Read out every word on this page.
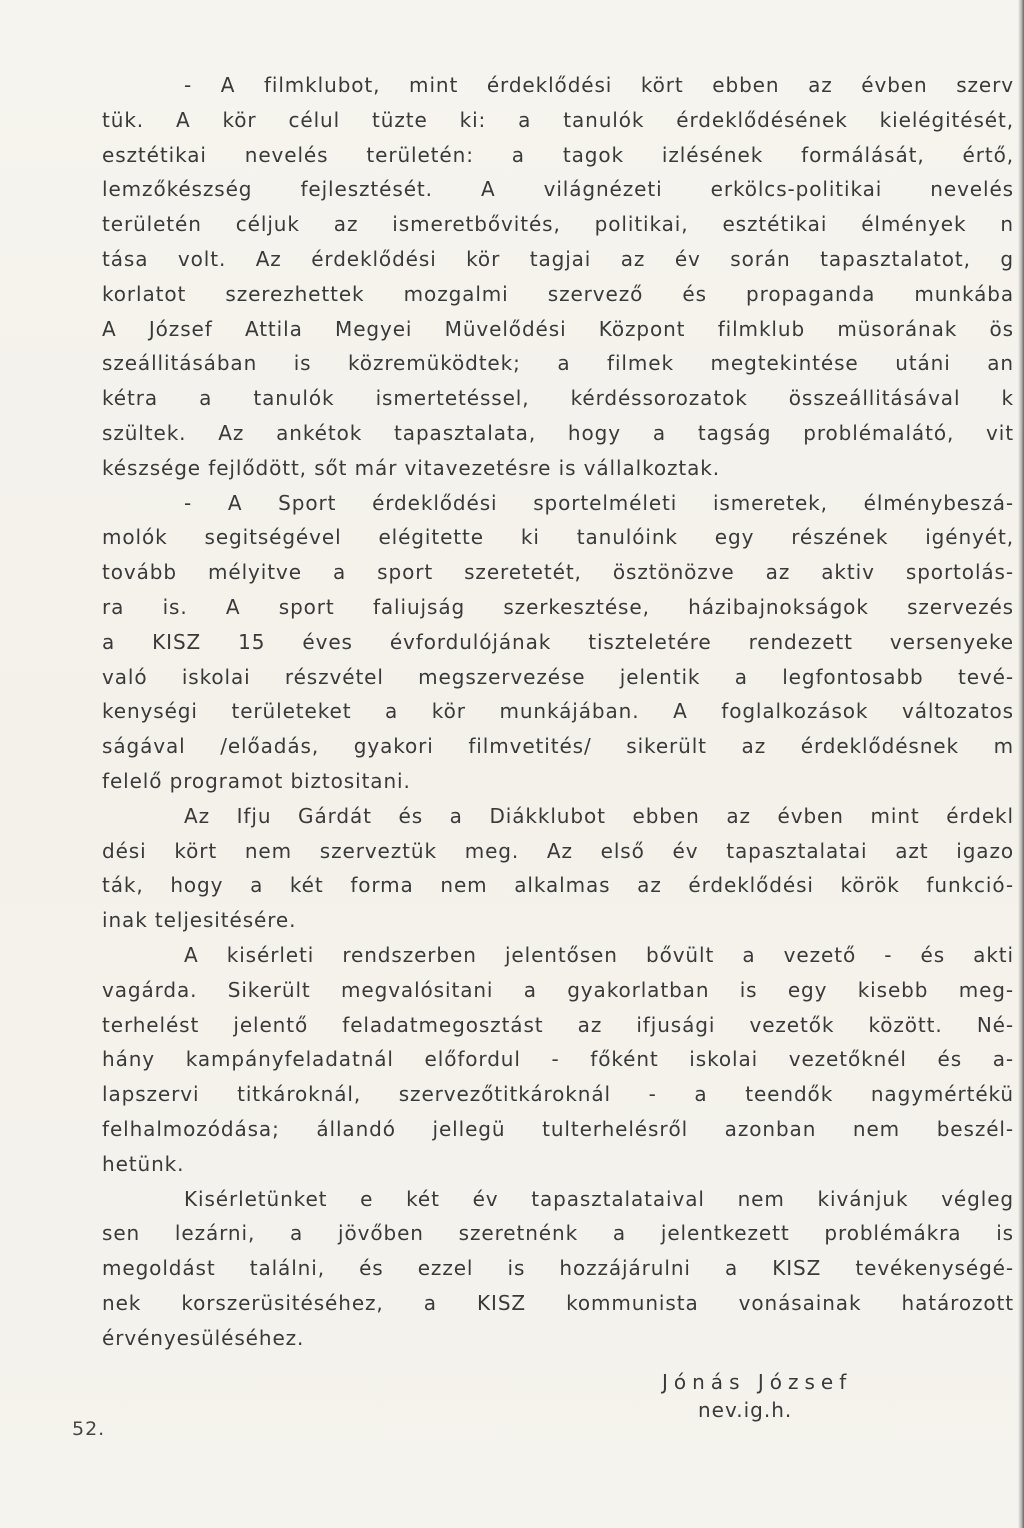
- A filmklubot, mint érdeklődési kört ebben az évben szerv
tük. A kör célul tüzte ki: a tanulók érdeklődésének kielégitését,
esztétikai nevelés területén: a tagok izlésének formálását, értő,
lemzőkészség fejlesztését. A világnézeti erkölcs-politikai nevelés
területén céljuk az ismeretbővités, politikai, esztétikai élmények n
tása volt. Az érdeklődési kör tagjai az év során tapasztalatot, g
korlatot szerezhettek mozgalmi szervező és propaganda munkába
A József Attila Megyei Müvelődési Központ filmklub müsorának ös
szeállitásában is közremüködtek; a filmek megtekintése utáni an
kétra a tanulók ismertetéssel, kérdéssorozatok összeállitásával k
szültek. Az ankétok tapasztalata, hogy a tagság problémalátó, vit
készsége fejlődött, sőt már vitavezetésre is vállalkoztak.
- A Sport érdeklődési sportelméleti ismeretek, élménybeszá-
molók segitségével elégitette ki tanulóink egy részének igényét,
tovább mélyitve a sport szeretetét, ösztönözve az aktiv sportolás-
ra is. A sport faliujság szerkesztése, házibajnokságok szervezés
a KISZ 15 éves évfordulójának tiszteletére rendezett versenyeke
való iskolai részvétel megszervezése jelentik a legfontosabb tevé-
kenységi területeket a kör munkájában. A foglalkozások változatos
ságával /előadás, gyakori filmvetités/ sikerült az érdeklődésnek m
felelő programot biztositani.
Az Ifju Gárdát és a Diákklubot ebben az évben mint érdekl
dési kört nem szerveztük meg. Az első év tapasztalatai azt igazo
ták, hogy a két forma nem alkalmas az érdeklődési körök funkció-
inak teljesitésére.
A kisérleti rendszerben jelentősen bővült a vezető - és akti
vagárda. Sikerült megvalósitani a gyakorlatban is egy kisebb meg-
terhelést jelentő feladatmegosztást az ifjusági vezetők között. Né-
hány kampányfeladatnál előfordul - főként iskolai vezetőknél és a-
lapszervi titkároknál, szervezőtitkároknál - a teendők nagymértékü
felhalmozódása; állandó jellegü tulterhelésről azonban nem beszél-
hetünk.
Kisérletünket e két év tapasztalataival nem kivánjuk végleg
sen lezárni, a jövőben szeretnénk a jelentkezett problémákra is
megoldást találni, és ezzel is hozzájárulni a KISZ tevékenységé-
nek korszerüsitéséhez, a KISZ kommunista vonásainak határozott
érvényesüléséhez.
Jónás József
nev.ig.h.
52.
